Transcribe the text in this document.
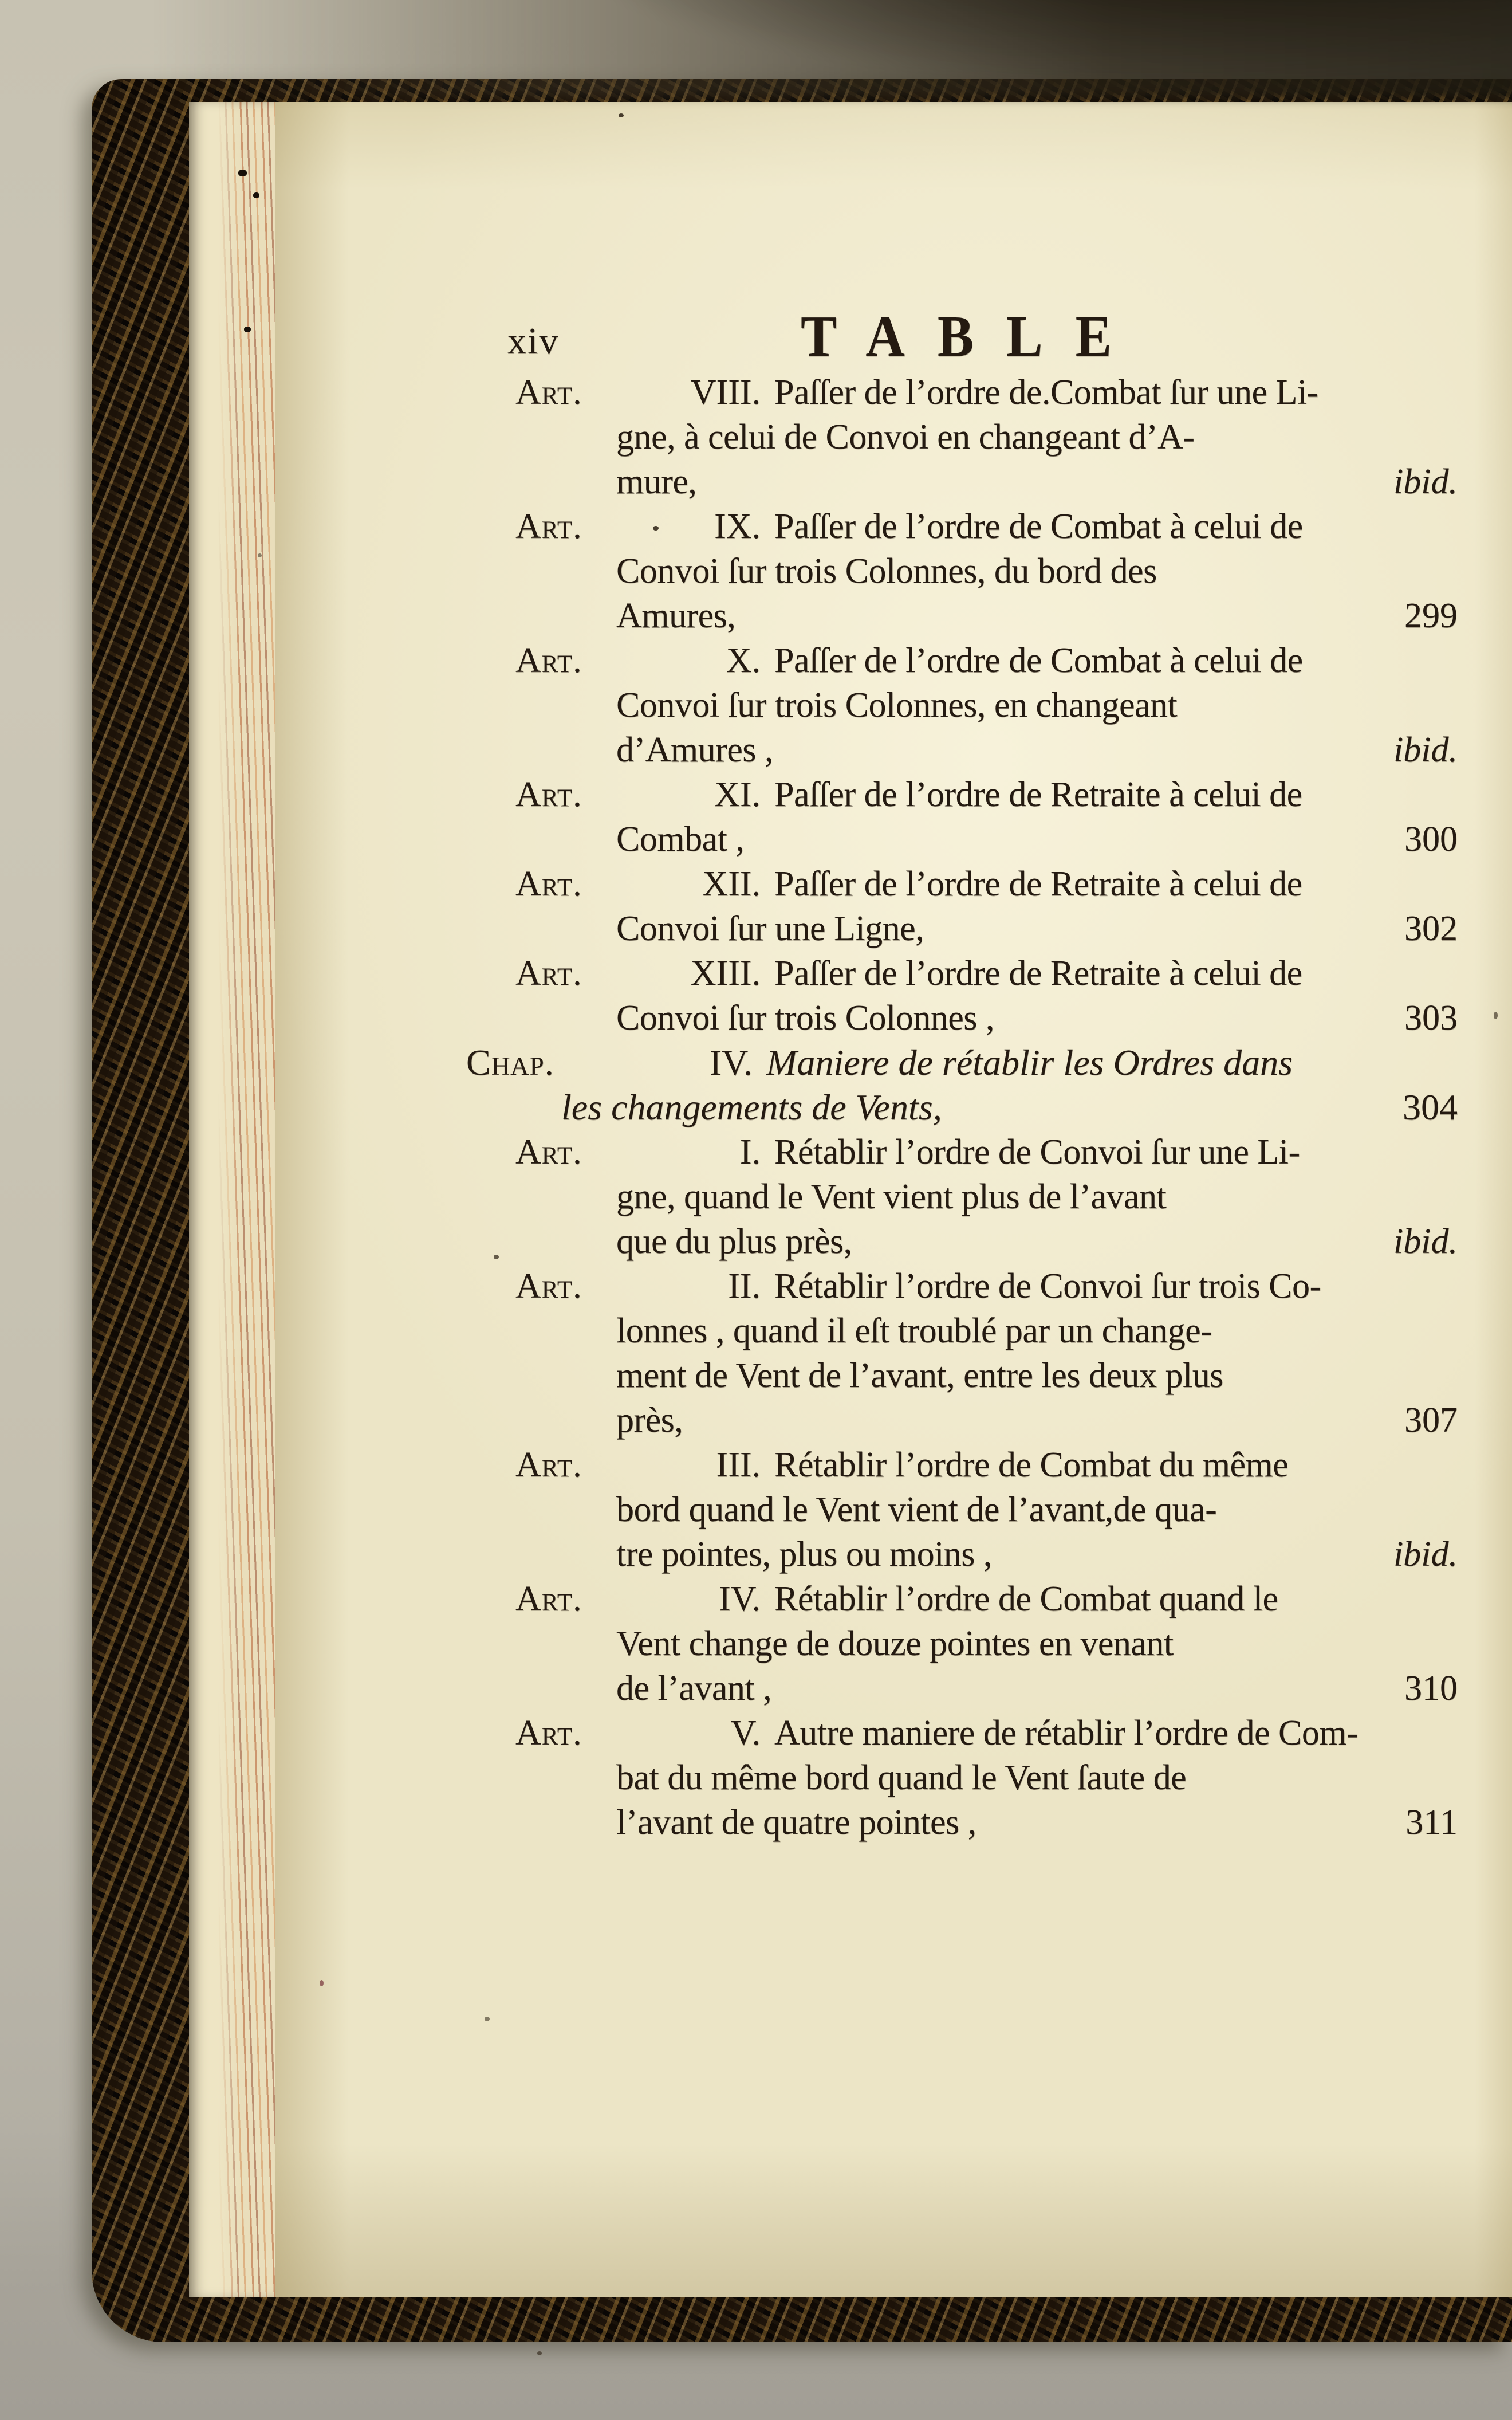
xiv	TABLE
Art.	VIII. Paſſer de l’ordre de.Combat ſur une Li-
gne, à celui de Convoi en changeant d’A-
mure,	ibid.
Art.	IX. Paſſer de l’ordre de Combat à celui de
Convoi ſur trois Colonnes, du bord des
Amures,	299
Art.	X. Paſſer de l’ordre de Combat à celui de
Convoi ſur trois Colonnes, en changeant
d’Amures ,	ibid.
Art.	XI. Paſſer de l’ordre de Retraite à celui de
Combat ,	300
Art.	XII. Paſſer de l’ordre de Retraite à celui de
Convoi ſur une Ligne,	302
Art.	XIII. Paſſer de l’ordre de Retraite à celui de
Convoi ſur trois Colonnes ,	303
Chap.	IV. Maniere de rétablir les Ordres dans
les changements de Vents,	304
Art.	I. Rétablir l’ordre de Convoi ſur une Li-
gne, quand le Vent vient plus de l’avant
que du plus près,	ibid.
Art.	II. Rétablir l’ordre de Convoi ſur trois Co-
lonnes , quand il eſt troublé par un change-
ment de Vent de l’avant, entre les deux plus
près,	307
Art.	III. Rétablir l’ordre de Combat du même
bord quand le Vent vient de l’avant,de qua-
tre pointes, plus ou moins ,	ibid.
Art.	IV. Rétablir l’ordre de Combat quand le
Vent change de douze pointes en venant
de l’avant ,	310
Art.	V. Autre maniere de rétablir l’ordre de Com-
bat du même bord quand le Vent ſaute de
l’avant de quatre pointes ,	311
